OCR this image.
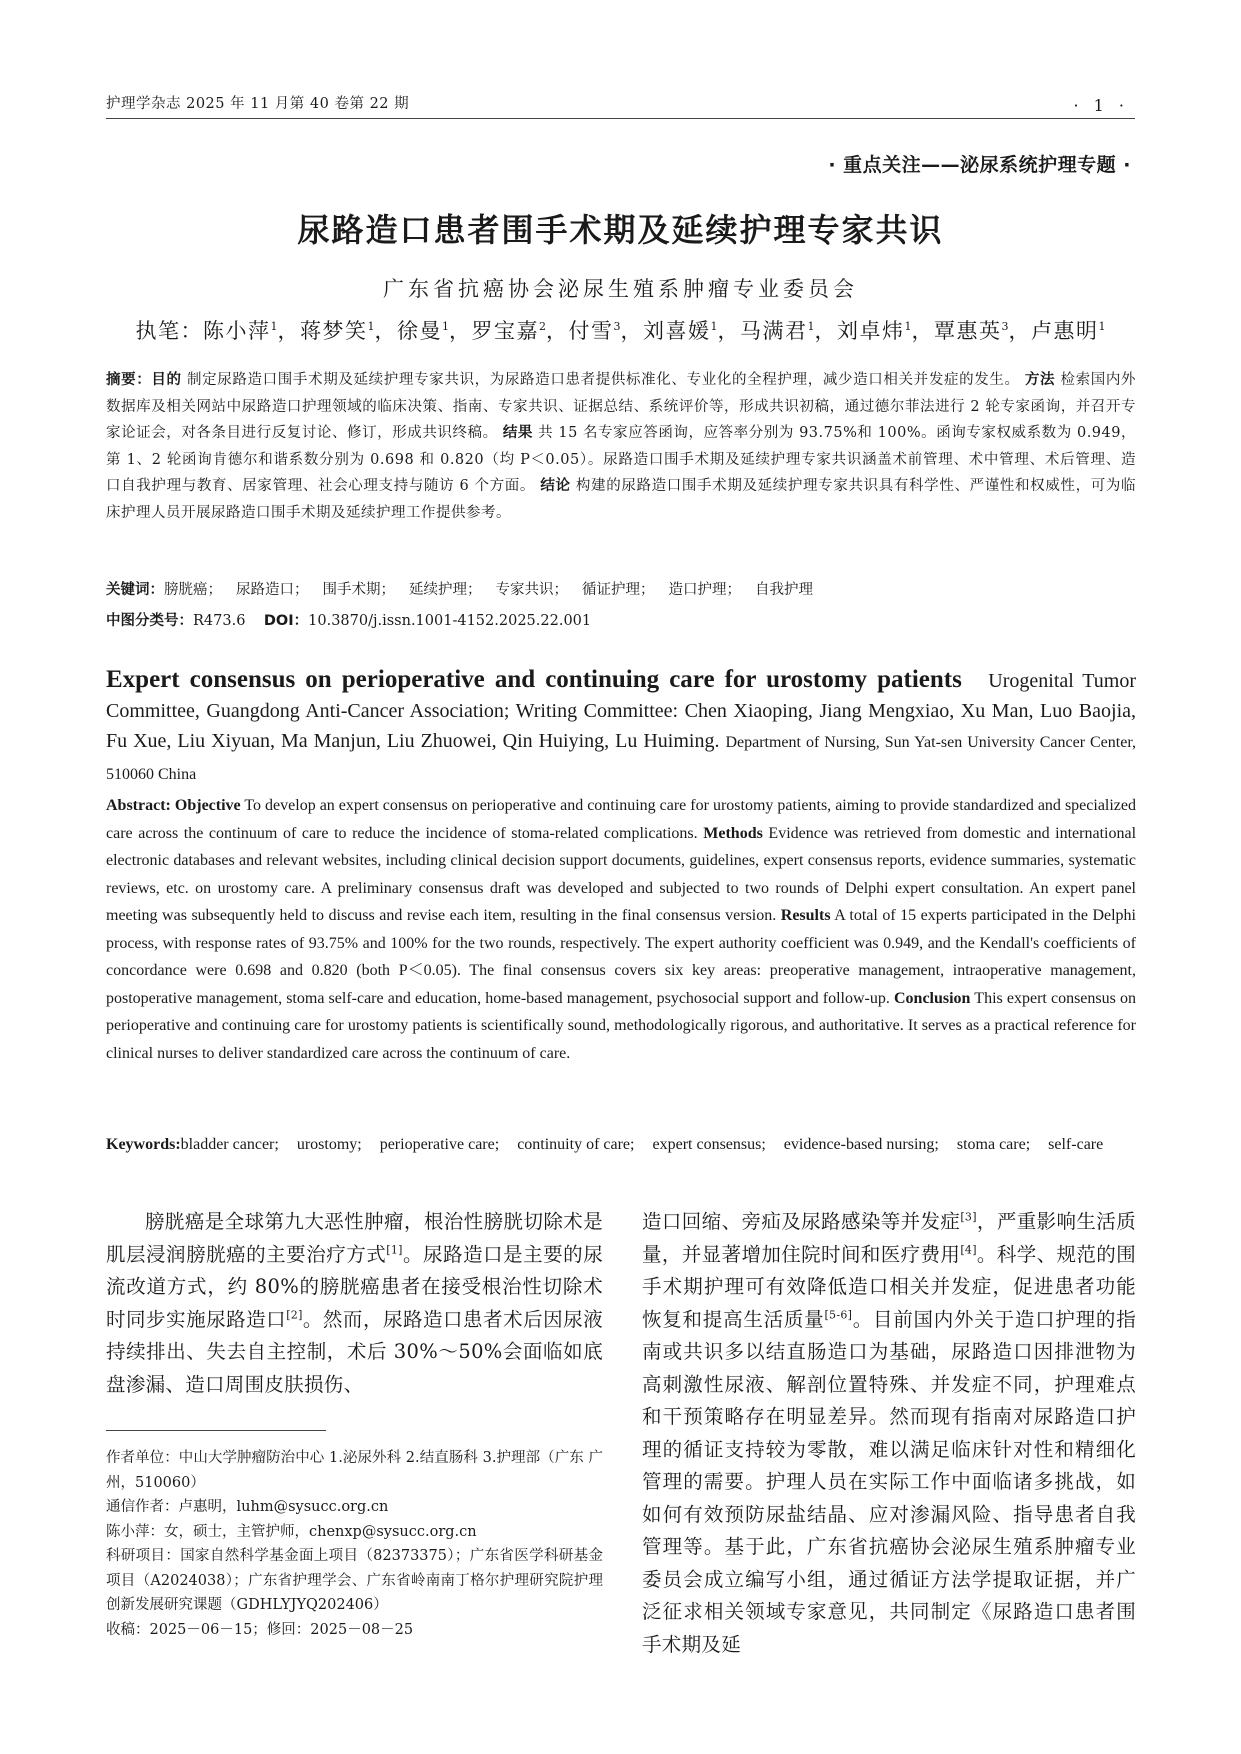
护理学杂志 2025 年 11 月第 40 卷第 22 期	· 1 ·
· 重点关注——泌尿系统护理专题 ·
尿路造口患者围手术期及延续护理专家共识
广东省抗癌协会泌尿生殖系肿瘤专业委员会
执笔：陈小萍$^1$，蒋梦笑$^1$，徐曼$^1$，罗宝嘉$^2$，付雪$^3$，刘喜媛$^1$，马满君$^1$，刘卓炜$^1$，覃惠英$^3$，卢惠明$^1$
摘要：目的 制定尿路造口围手术期及延续护理专家共识，为尿路造口患者提供标准化、专业化的全程护理，减少造口相关并发症的发生。 方法 检索国内外数据库及相关网站中尿路造口护理领域的临床决策、指南、专家共识、证据总结、系统评价等，形成共识初稿，通过德尔菲法进行 2 轮专家函询，并召开专家论证会，对各条目进行反复讨论、修订，形成共识终稿。 结果 共 15 名专家应答函询，应答率分别为 93.75%和 100%。函询专家权威系数为 0.949，第 1、2 轮函询肯德尔和谐系数分别为 0.698 和 0.820（均 P＜0.05）。尿路造口围手术期及延续护理专家共识涵盖术前管理、术中管理、术后管理、造口自我护理与教育、居家管理、社会心理支持与随访 6 个方面。 结论 构建的尿路造口围手术期及延续护理专家共识具有科学性、严谨性和权威性，可为临床护理人员开展尿路造口围手术期及延续护理工作提供参考。
关键词：膀胱癌； 尿路造口； 围手术期； 延续护理； 专家共识； 循证护理； 造口护理； 自我护理
中图分类号：R473.6 DOI：10.3870/j.issn.1001-4152.2025.22.001
Expert consensus on perioperative and continuing care for urostomy patients Urogenital Tumor Committee, Guangdong Anti-Cancer Association; Writing Committee: Chen Xiaoping, Jiang Mengxiao, Xu Man, Luo Baojia, Fu Xue, Liu Xiyuan, Ma Manjun, Liu Zhuowei, Qin Huiying, Lu Huiming. Department of Nursing, Sun Yat-sen University Cancer Center, 510060 China
Abstract: Objective To develop an expert consensus on perioperative and continuing care for urostomy patients, aiming to provide standardized and specialized care across the continuum of care to reduce the incidence of stoma-related complications. Methods Evidence was retrieved from domestic and international electronic databases and relevant websites, including clinical decision support documents, guidelines, expert consensus reports, evidence summaries, systematic reviews, etc. on urostomy care. A preliminary consensus draft was developed and subjected to two rounds of Delphi expert consultation. An expert panel meeting was subsequently held to discuss and revise each item, resulting in the final consensus version. Results A total of 15 experts participated in the Delphi process, with response rates of 93.75% and 100% for the two rounds, respectively. The expert authority coefficient was 0.949, and the Kendall's coefficients of concordance were 0.698 and 0.820 (both P＜0.05). The final consensus covers six key areas: preoperative management, intraoperative management, postoperative management, stoma self-care and education, home-based management, psychosocial support and follow-up. Conclusion This expert consensus on perioperative and continuing care for urostomy patients is scientifically sound, methodologically rigorous, and authoritative. It serves as a practical reference for clinical nurses to deliver standardized care across the continuum of care.
Keywords:bladder cancer; urostomy; perioperative care; continuity of care; expert consensus; evidence-based nursing; stoma care; self-care

膀胱癌是全球第九大恶性肿瘤，根治性膀胱切除术是肌层浸润膀胱癌的主要治疗方式[1]。尿路造口是主要的尿流改道方式，约 80%的膀胱癌患者在接受根治性切除术时同步实施尿路造口[2]。然而，尿路造口患者术后因尿液持续排出、失去自主控制，术后 30%～50%会面临如底盘渗漏、造口周围皮肤损伤、

作者单位：中山大学肿瘤防治中心 1.泌尿外科 2.结直肠科 3.护理部（广东 广州，510060）
通信作者：卢惠明，luhm@sysucc.org.cn
陈小萍：女，硕士，主管护师，chenxp@sysucc.org.cn
科研项目：国家自然科学基金面上项目（82373375）；广东省医学科研基金项目（A2024038）；广东省护理学会、广东省岭南南丁格尔护理研究院护理创新发展研究课题（GDHLYJYQ202406）
收稿：2025－06－15；修回：2025－08－25

造口回缩、旁疝及尿路感染等并发症[3]，严重影响生活质量，并显著增加住院时间和医疗费用[4]。科学、规范的围手术期护理可有效降低造口相关并发症，促进患者功能恢复和提高生活质量[5-6]。目前国内外关于造口护理的指南或共识多以结直肠造口为基础，尿路造口因排泄物为高刺激性尿液、解剖位置特殊、并发症不同，护理难点和干预策略存在明显差异。然而现有指南对尿路造口护理的循证支持较为零散，难以满足临床针对性和精细化管理的需要。护理人员在实际工作中面临诸多挑战，如如何有效预防尿盐结晶、应对渗漏风险、指导患者自我管理等。基于此，广东省抗癌协会泌尿生殖系肿瘤专业委员会成立编写小组，通过循证方法学提取证据，并广泛征求相关领域专家意见，共同制定《尿路造口患者围手术期及延
